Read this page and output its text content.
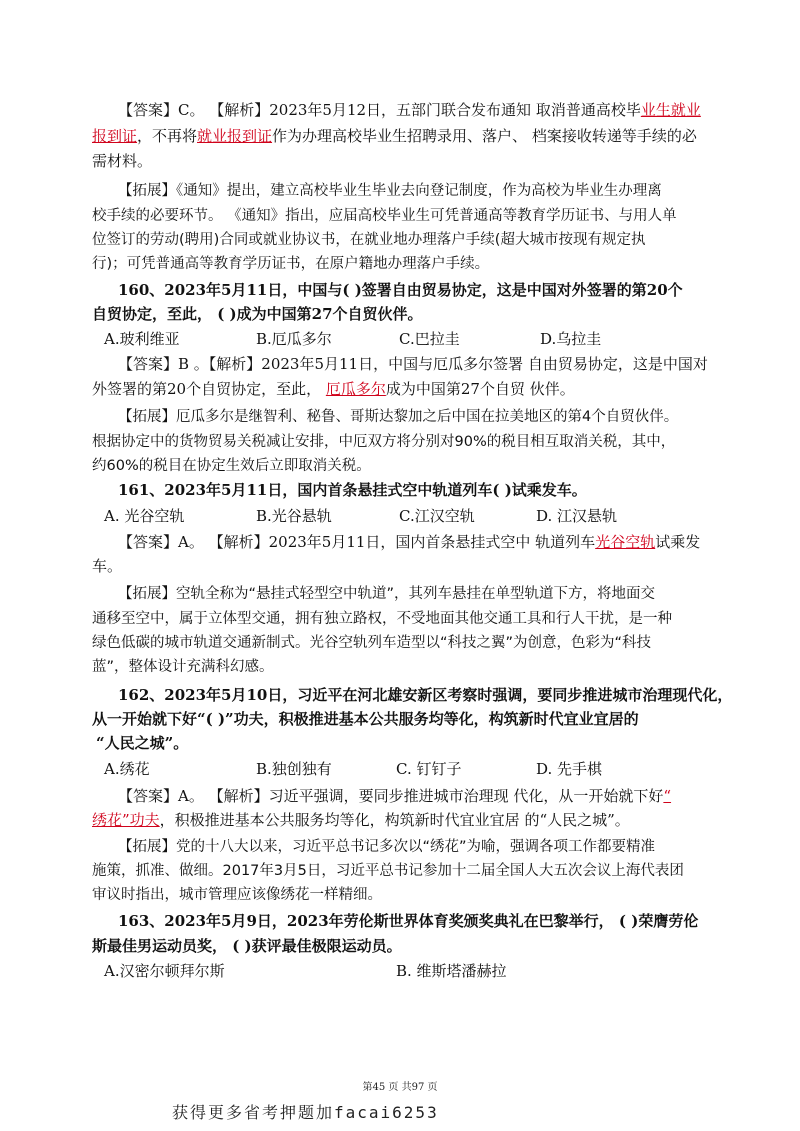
【答案】C。 【解析】2023年5月12日，五部门联合发布通知 取消普通高校毕业生就业
报到证，不再将就业报到证作为办理高校毕业生招聘录用、落户、 档案接收转递等手续的必
需材料。
【拓展】《通知》提出，建立高校毕业生毕业去向登记制度，作为高校为毕业生办理离
校手续的必要环节。 《通知》指出，应届高校毕业生可凭普通高等教育学历证书、与用人单
位签订的劳动(聘用)合同或就业协议书，在就业地办理落户手续(超大城市按现有规定执
行)；可凭普通高等教育学历证书，在原户籍地办理落户手续。
160、2023年5月11日，中国与( )签署自由贸易协定，这是中国对外签署的第20个
自贸协定，至此， ( )成为中国第27个自贸伙伴。
A.玻利维亚	B.厄瓜多尔	C.巴拉圭	D.乌拉圭
【答案】B 。【解析】2023年5月11日，中国与厄瓜多尔签署 自由贸易协定，这是中国对
外签署的第20个自贸协定，至此， 厄瓜多尔成为中国第27个自贸 伙伴。
【拓展】厄瓜多尔是继智利、秘鲁、哥斯达黎加之后中国在拉美地区的第4个自贸伙伴。
根据协定中的货物贸易关税减让安排，中厄双方将分别对90%的税目相互取消关税，其中，
约60%的税目在协定生效后立即取消关税。
161、2023年5月11日，国内首条悬挂式空中轨道列车( )试乘发车。
A. 光谷空轨	B.光谷悬轨	C.江汉空轨	D. 江汉悬轨
【答案】A。 【解析】2023年5月11日，国内首条悬挂式空中 轨道列车光谷空轨试乘发
车。
【拓展】空轨全称为“悬挂式轻型空中轨道”，其列车悬挂在单型轨道下方，将地面交
通移至空中，属于立体型交通，拥有独立路权，不受地面其他交通工具和行人干扰，是一种
绿色低碳的城市轨道交通新制式。光谷空轨列车造型以“科技之翼”为创意，色彩为“科技
蓝”，整体设计充满科幻感。
162、2023年5月10日，习近平在河北雄安新区考察时强调，要同步推进城市治理现代化，
从一开始就下好“( )”功夫，积极推进基本公共服务均等化，构筑新时代宜业宜居的
“人民之城”。
A.绣花	B.独创独有	C. 钉钉子	D. 先手棋
【答案】A。 【解析】习近平强调，要同步推进城市治理现 代化，从一开始就下好“
绣花”功夫，积极推进基本公共服务均等化，构筑新时代宜业宜居 的“人民之城”。
【拓展】党的十八大以来，习近平总书记多次以“绣花”为喻，强调各项工作都要精准
施策，抓准、做细。2017年3月5日，习近平总书记参加十二届全国人大五次会议上海代表团
审议时指出，城市管理应该像绣花一样精细。
163、2023年5月9日，2023年劳伦斯世界体育奖颁奖典礼在巴黎举行， ( )荣膺劳伦
斯最佳男运动员奖， ( )获评最佳极限运动员。
A.汉密尔顿拜尔斯	B. 维斯塔潘赫拉
第45 页 共97 页
获得更多省考押题加facai6253
